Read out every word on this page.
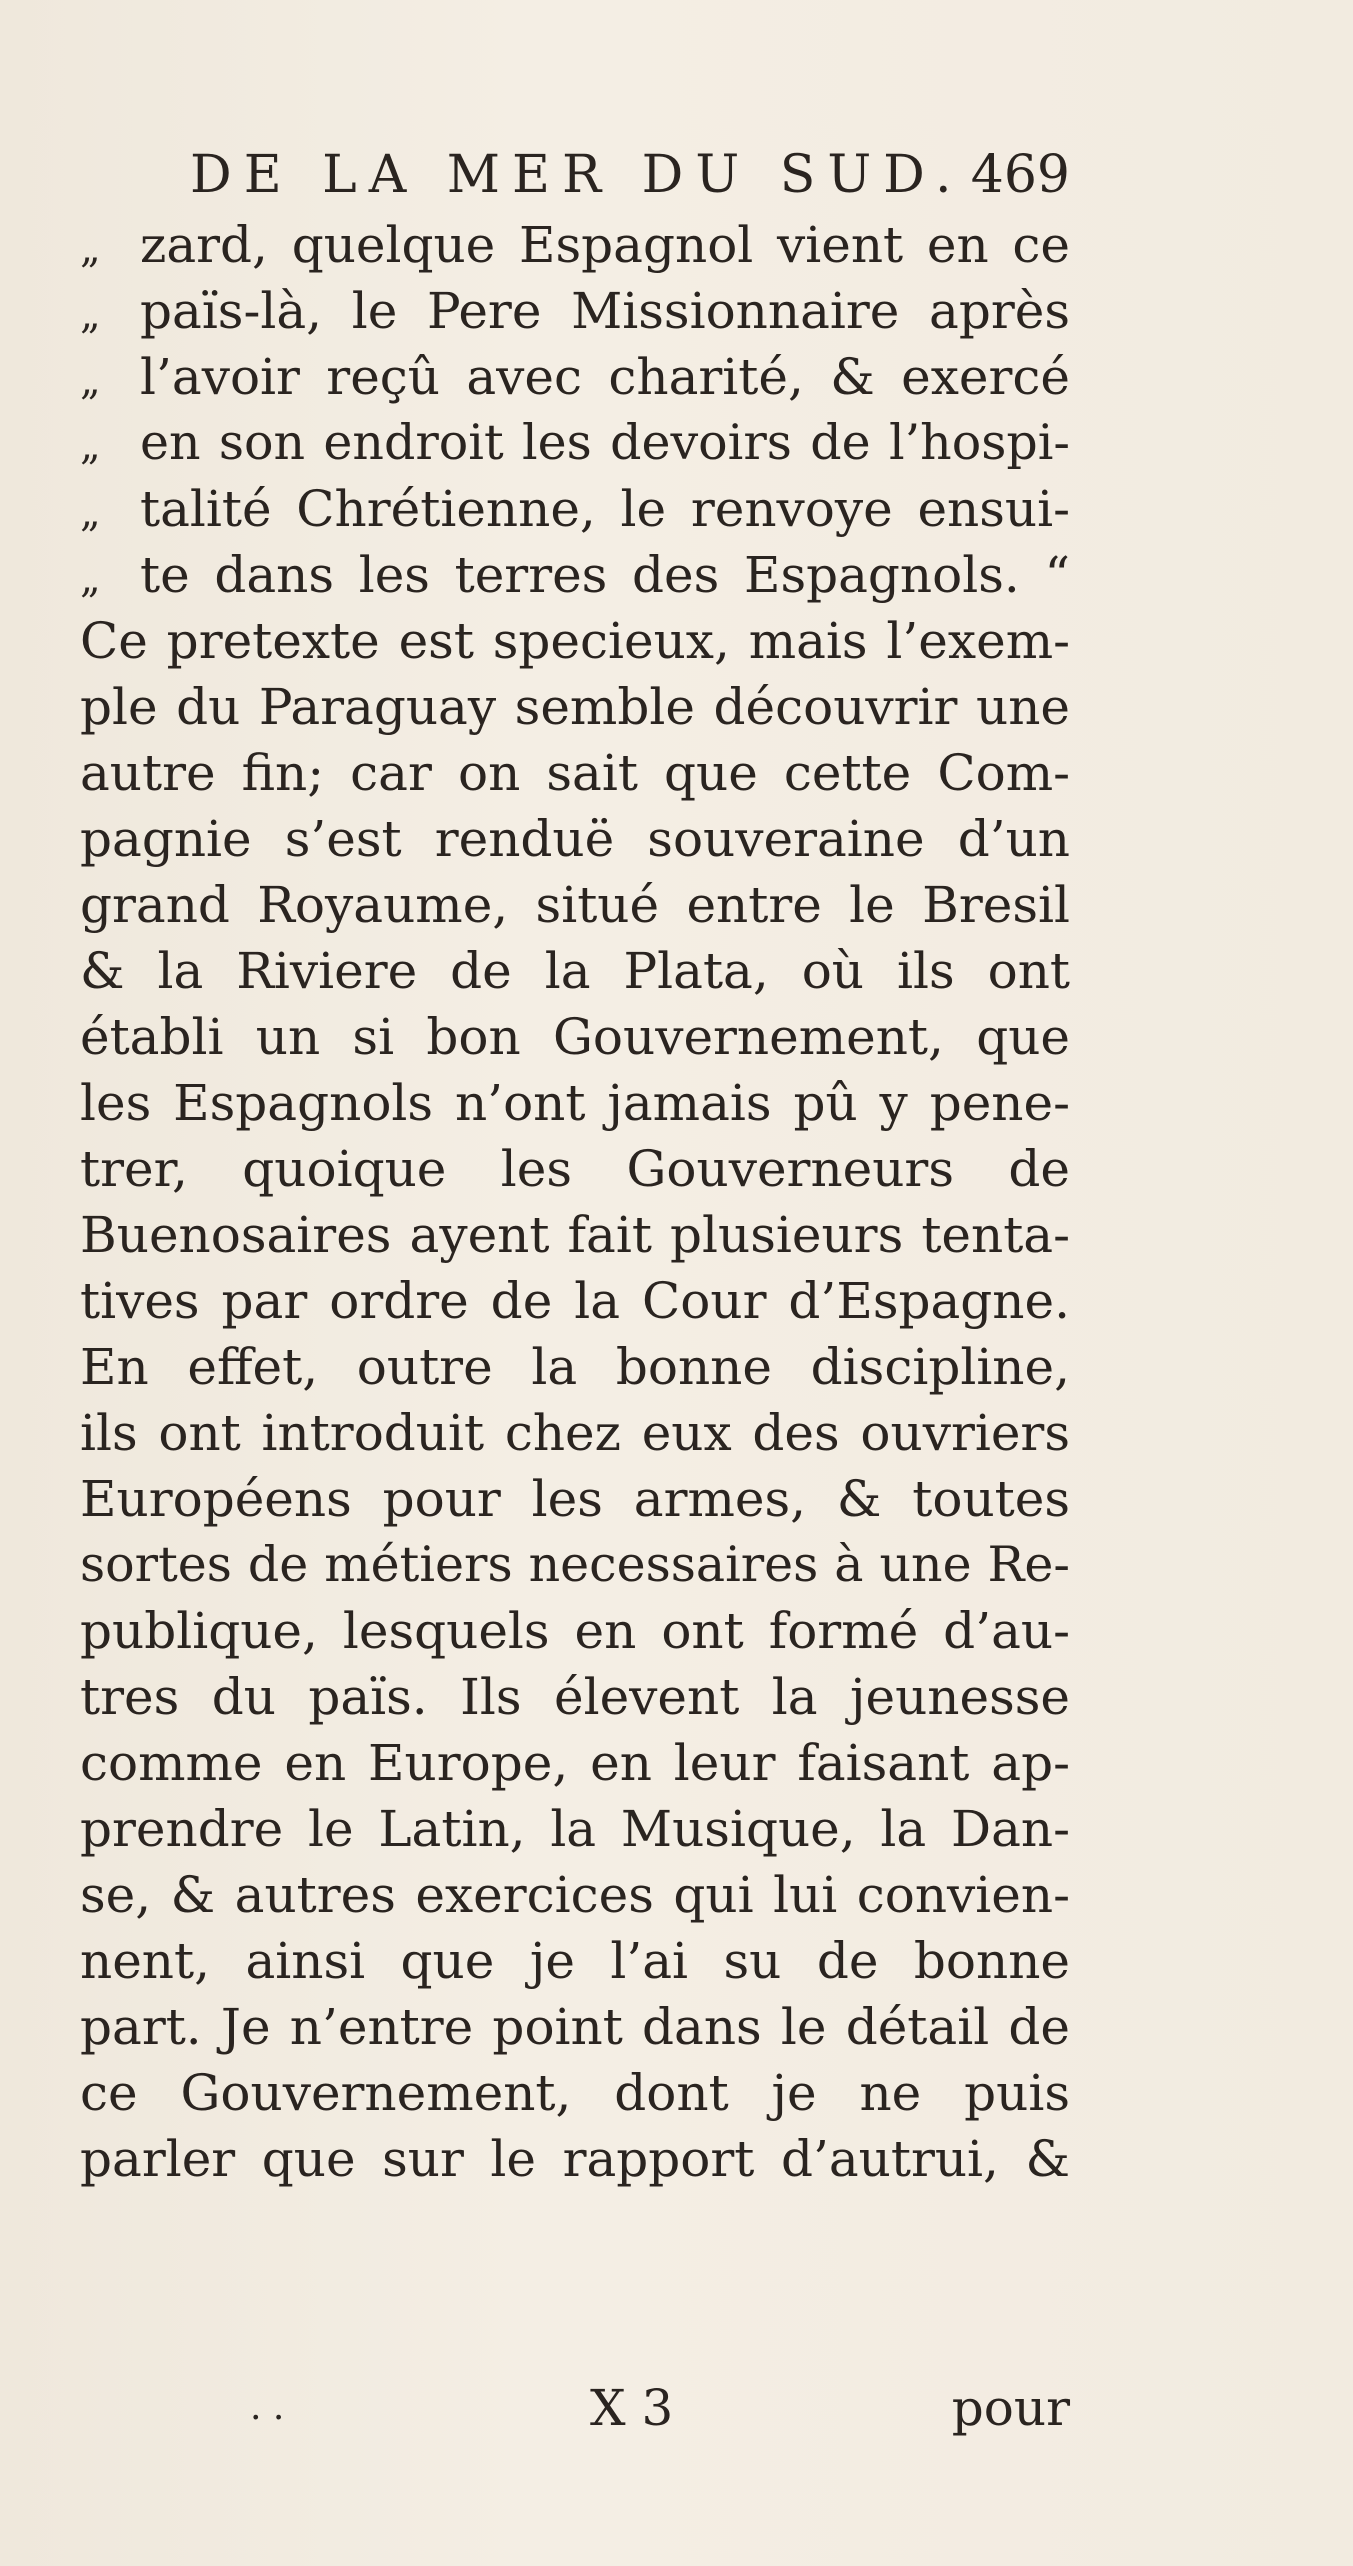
DE LA MER DU SUD. 469
„ zard, quelque Espagnol vient en ce
„ païs-là, le Pere Missionnaire après
„ l’avoir reçû avec charité, & exercé
„ en son endroit les devoirs de l’hospi-
„ talité Chrétienne, le renvoye ensui-
„ te dans les terres des Espagnols. “
Ce pretexte est specieux, mais l’exem-
ple du Paraguay semble découvrir une
autre fin; car on sait que cette Com-
pagnie s’est renduë souveraine d’un
grand Royaume, situé entre le Bresil
& la Riviere de la Plata, où ils ont
établi un si bon Gouvernement, que
les Espagnols n’ont jamais pû y pene-
trer, quoique les Gouverneurs de
Buenosaires ayent fait plusieurs tenta-
tives par ordre de la Cour d’Espagne.
En effet, outre la bonne discipline,
ils ont introduit chez eux des ouvriers
Européens pour les armes, & toutes
sortes de métiers necessaires à une Re-
publique, lesquels en ont formé d’au-
tres du païs. Ils élevent la jeunesse
comme en Europe, en leur faisant ap-
prendre le Latin, la Musique, la Dan-
se, & autres exercices qui lui convien-
nent, ainsi que je l’ai su de bonne
part. Je n’entre point dans le détail de
ce Gouvernement, dont je ne puis
parler que sur le rapport d’autrui, &
. .	X 3	pour
